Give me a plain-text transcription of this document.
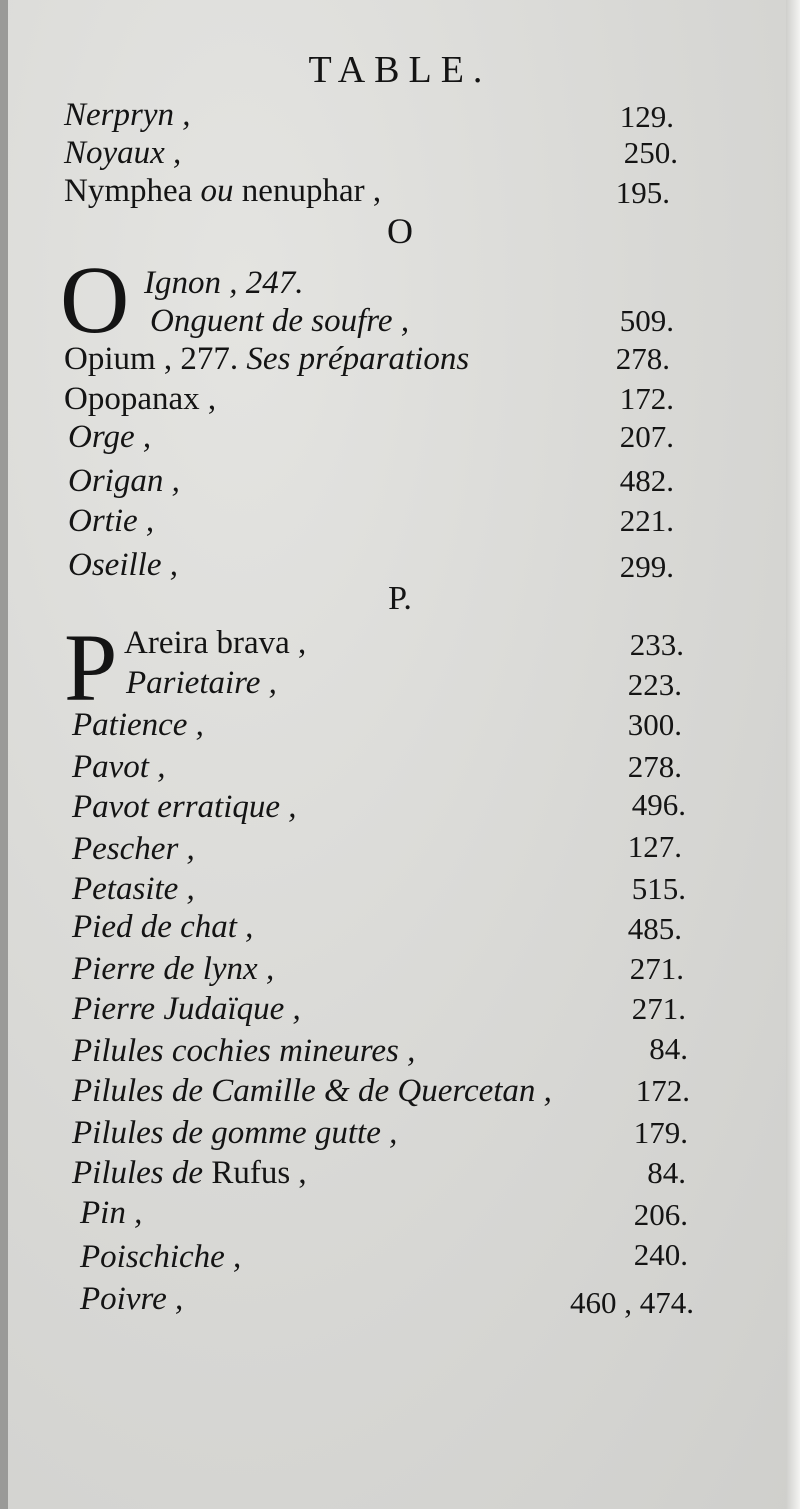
TABLE.
Nerpryn ,	129.
Noyaux ,	250.
Nymphea ou nenuphar ,	195.
O
O Ignon , 247.
Onguent de soufre ,	509.
Opium , 277. Ses préparations	278.
Opopanax ,	172.
Orge ,	207.
Origan ,	482.
Ortie ,	221.
Oseille ,	299.
P.
P Areira brava ,	233.
Parietaire ,	223.
Patience ,	300.
Pavot ,	278.
Pavot erratique ,	496.
Pescher ,	127.
Petasite ,	515.
Pied de chat ,	485.
Pierre de lynx ,	271.
Pierre Judaïque ,	271.
Pilules cochies mineures ,	84.
Pilules de Camille & de Quercetan ,	172.
Pilules de gomme gutte ,	179.
Pilules de Rufus ,	84.
Pin ,	206.
Poischiche ,	240.
Poivre ,	460 , 474.
